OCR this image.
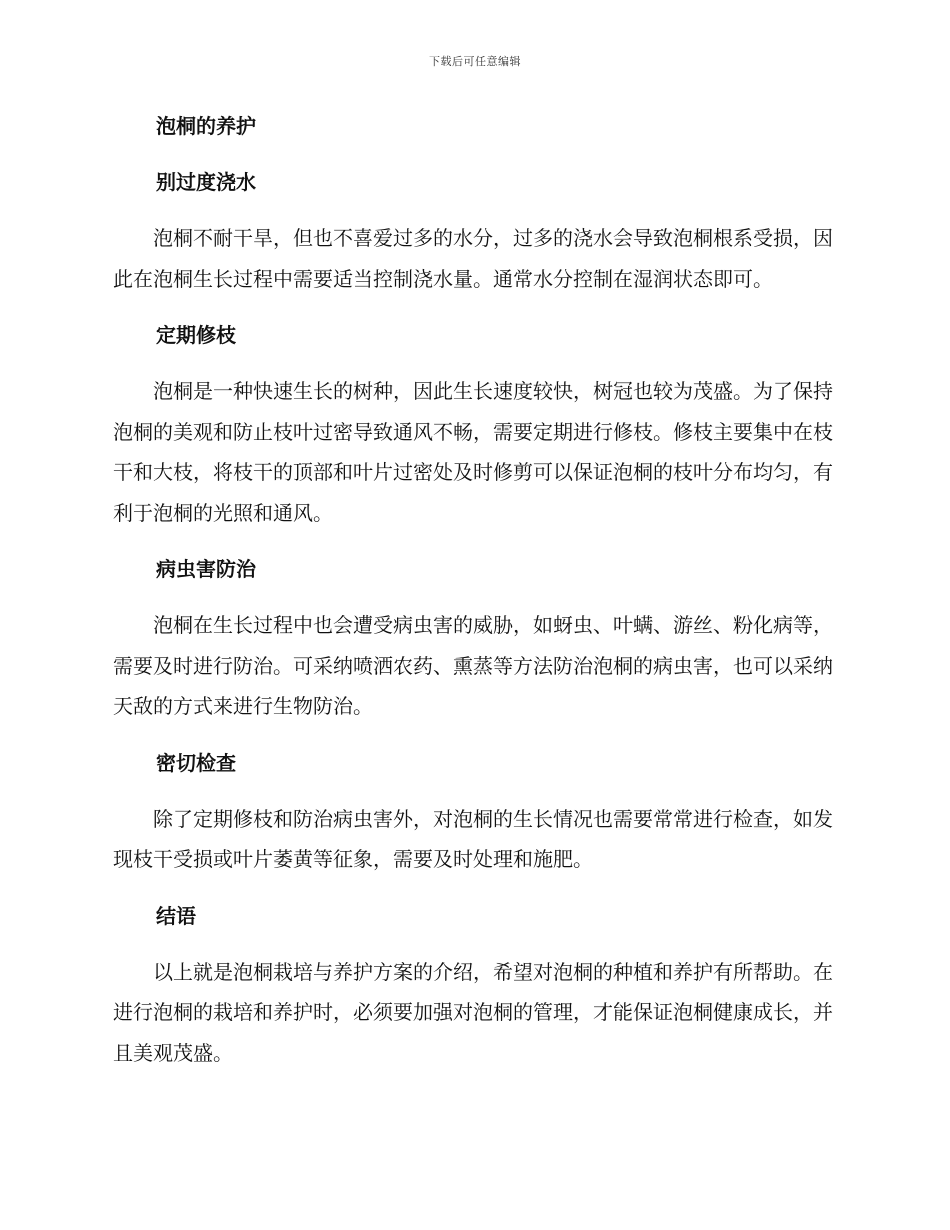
下载后可任意编辑
泡桐的养护
别过度浇水
泡桐不耐干旱，但也不喜爱过多的水分，过多的浇水会导致泡桐根系受损，因此在泡桐生长过程中需要适当控制浇水量。通常水分控制在湿润状态即可。
定期修枝
泡桐是一种快速生长的树种，因此生长速度较快，树冠也较为茂盛。为了保持泡桐的美观和防止枝叶过密导致通风不畅，需要定期进行修枝。修枝主要集中在枝干和大枝，将枝干的顶部和叶片过密处及时修剪可以保证泡桐的枝叶分布均匀，有利于泡桐的光照和通风。
病虫害防治
泡桐在生长过程中也会遭受病虫害的威胁，如蚜虫、叶螨、游丝、粉化病等，需要及时进行防治。可采纳喷洒农药、熏蒸等方法防治泡桐的病虫害，也可以采纳天敌的方式来进行生物防治。
密切检查
除了定期修枝和防治病虫害外，对泡桐的生长情况也需要常常进行检查，如发现枝干受损或叶片萎黄等征象，需要及时处理和施肥。
结语
以上就是泡桐栽培与养护方案的介绍，希望对泡桐的种植和养护有所帮助。在进行泡桐的栽培和养护时，必须要加强对泡桐的管理，才能保证泡桐健康成长，并且美观茂盛。
